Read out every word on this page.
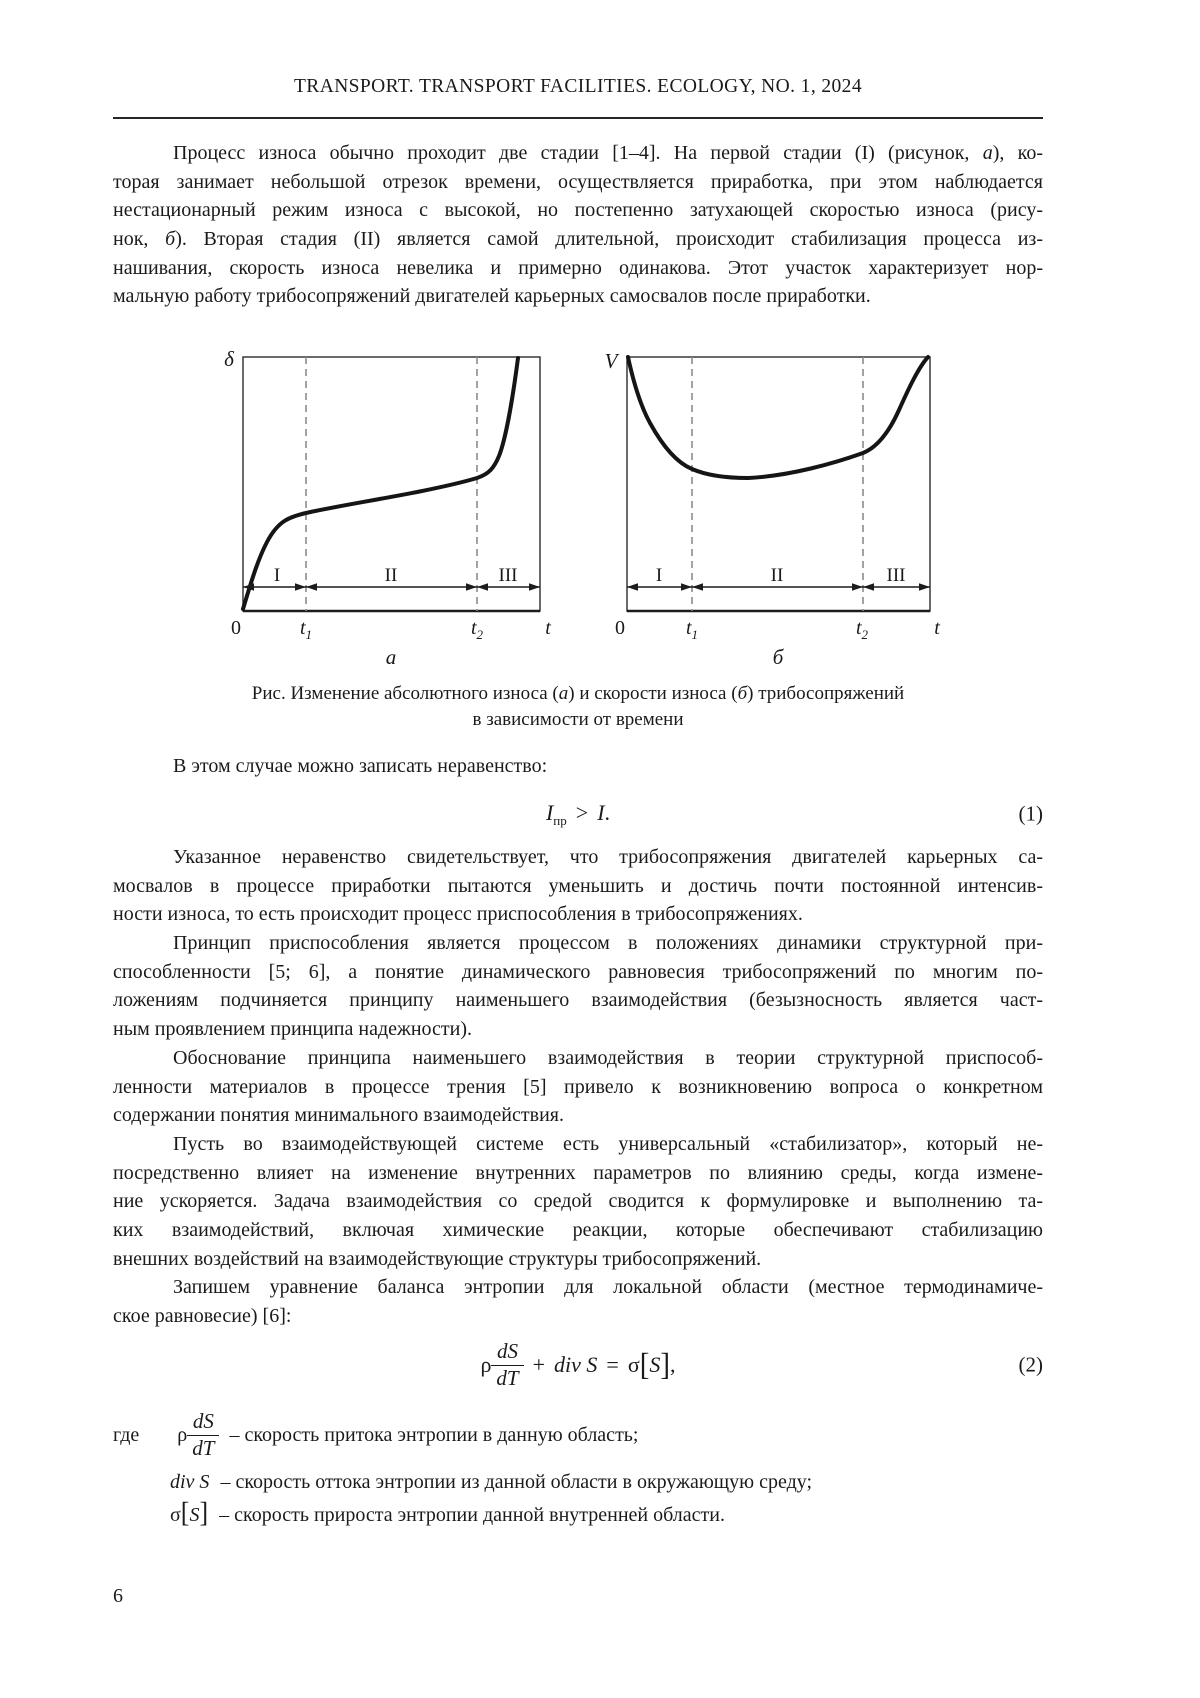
TRANSPORT. TRANSPORT FACILITIES. ECOLOGY, NO. 1, 2024
Процесс износа обычно проходит две стадии [1–4]. На первой стадии (I) (рисунок, а), ко-
торая занимает небольшой отрезок времени, осуществляется приработка, при этом наблюдается
нестационарный режим износа с высокой, но постепенно затухающей скоростью износа (рису-
нок, б). Вторая стадия (II) является самой длительной, происходит стабилизация процесса из-
нашивания, скорость износа невелика и примерно одинакова. Этот участок характеризует нор-
мальную работу трибосопряжений двигателей карьерных самосвалов после приработки.
δ
I	II	III
0	$t_1$	$t_2$	t
а
V
I	II	III
0	$t_1$	$t_2$	t
б
Рис. Изменение абсолютного износа (а) и скорости износа (б) трибосопряжений
в зависимости от времени
В этом случае можно записать неравенство:
$I_{пр} > I$.	(1)
Указанное неравенство свидетельствует, что трибосопряжения двигателей карьерных са-
мосвалов в процессе приработки пытаются уменьшить и достичь почти постоянной интенсив-
ности износа, то есть происходит процесс приспособления в трибосопряжениях.
Принцип приспособления является процессом в положениях динамики структурной при-
способленности [5; 6], а понятие динамического равновесия трибосопряжений по многим по-
ложениям подчиняется принципу наименьшего взаимодействия (безызносность является част-
ным проявлением принципа надежности).
Обоснование принципа наименьшего взаимодействия в теории структурной приспособ-
ленности материалов в процессе трения [5] привело к возникновению вопроса о конкретном
содержании понятия минимального взаимодействия.
Пусть во взаимодействующей системе есть универсальный «стабилизатор», который не-
посредственно влияет на изменение внутренних параметров по влиянию среды, когда измене-
ние ускоряется. Задача взаимодействия со средой сводится к формулировке и выполнению та-
ких взаимодействий, включая химические реакции, которые обеспечивают стабилизацию
внешних воздействий на взаимодействующие структуры трибосопряжений.
Запишем уравнение баланса энтропии для локальной области (местное термодинамиче-
ское равновесие) [6]:
ρ $\frac{dS}{dT}$ + div S = σ [ S ] ,	(2)
где ρ $\frac{dS}{dT}$ – скорость притока энтропии в данную область;
div S – скорость оттока энтропии из данной области в окружающую среду;
σ[S] – скорость прироста энтропии данной внутренней области.
6
